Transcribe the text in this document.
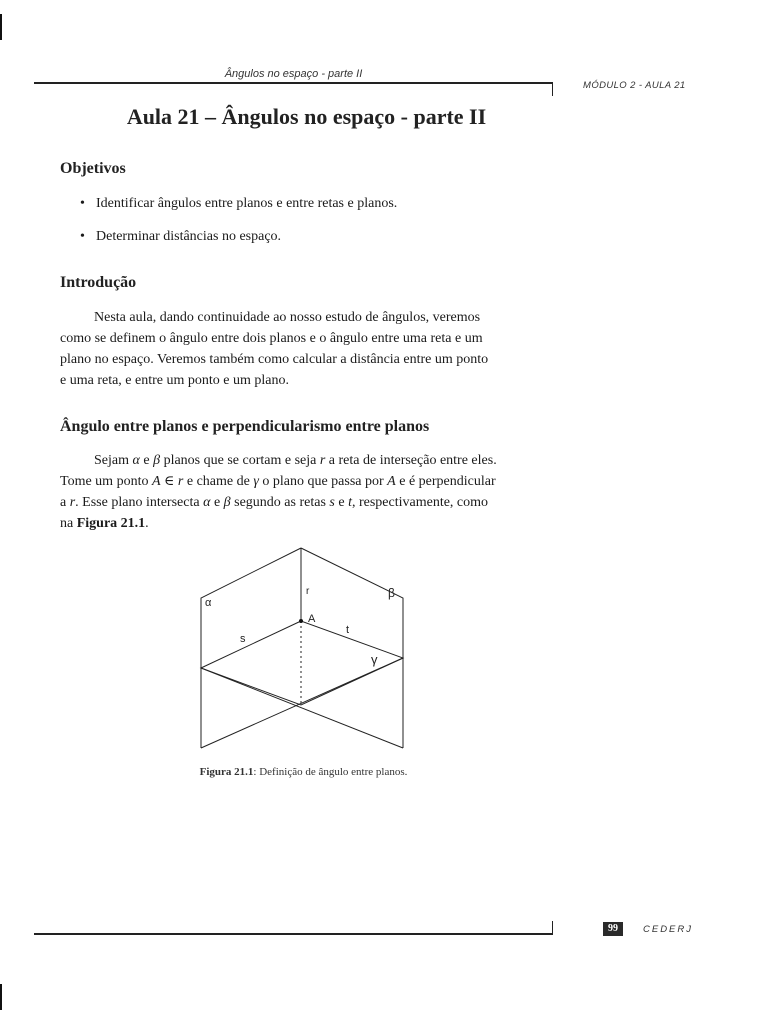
Ângulos no espaço - parte II
MÓDULO 2 - AULA 21
Aula 21 – Ângulos no espaço - parte II
Objetivos
• Identificar ângulos entre planos e entre retas e planos.
• Determinar distâncias no espaço.
Introdução

Nesta aula, dando continuidade ao nosso estudo de ângulos, veremos
como se definem o ângulo entre dois planos e o ângulo entre uma reta e um
plano no espaço. Veremos também como calcular a distância entre um ponto
e uma reta, e entre um ponto e um plano.

Ângulo entre planos e perpendicularismo entre planos

Sejam α e β planos que se cortam e seja r a reta de interseção entre eles.
Tome um ponto A ∈ r e chame de γ o plano que passa por A e é perpendicular
a r. Esse plano intersecta α e β segundo as retas s e t, respectivamente, como
na Figura 21.1.

α
β
γ
r
A
s
t
Figura 21.1: Definição de ângulo entre planos.
99	CEDERJ
